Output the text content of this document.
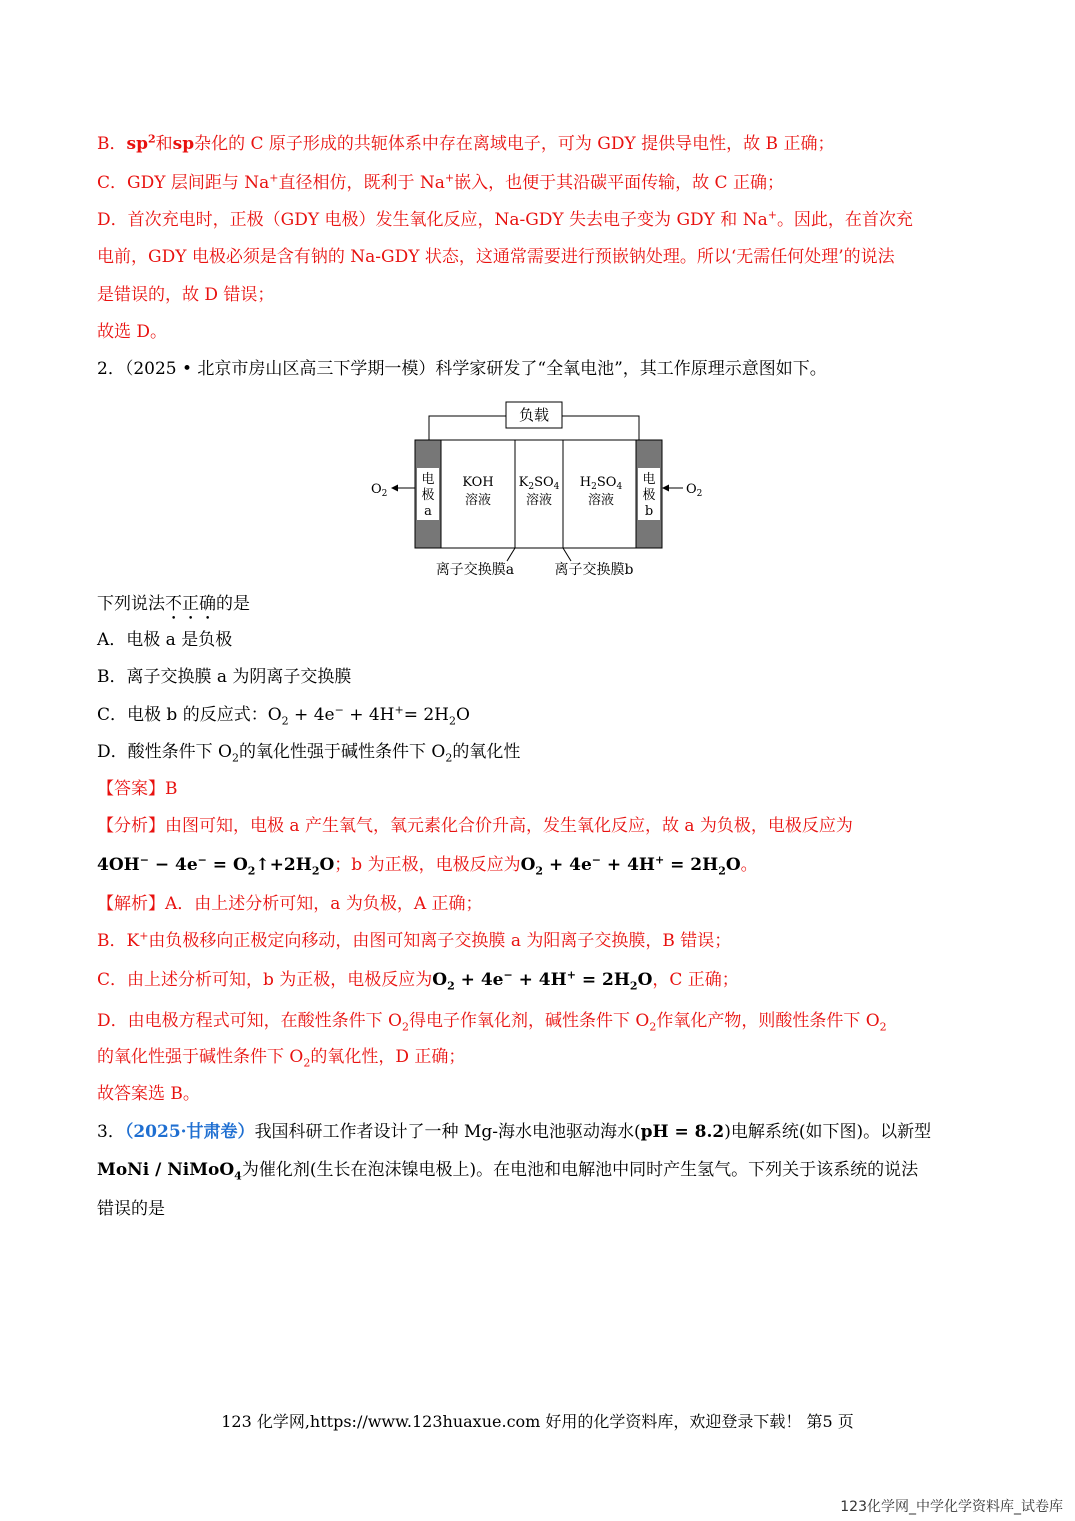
B．$sp^2$和sp杂化的 C 原子形成的共轭体系中存在离域电子，可为 GDY 提供导电性，故 B 正确；
C．GDY 层间距与 Na+直径相仿，既利于 Na+嵌入，也便于其沿碳平面传输，故 C 正确；
D．首次充电时，正极（GDY 电极）发生氧化反应，Na-GDY 失去电子变为 GDY 和 Na+。因此，在首次充
电前，GDY 电极必须是含有钠的 Na-GDY 状态，这通常需要进行预嵌钠处理。所以‘无需任何处理’的说法
是错误的，故 D 错误；
故选 D。
2．（2025 • 北京市房山区高三下学期一模）科学家研发了“全氧电池”，其工作原理示意图如下。
负载
电
极
a
电
极
b
KOH
溶液
$K_2SO_4$
溶液
$H_2SO_4$
溶液
$O_2$	$O_2$
离子交换膜a	离子交换膜b
下列说法不正确的是
A．电极 a 是负极
B．离子交换膜 a 为阴离子交换膜
C．电极 b 的反应式：$O_2 + 4e^- + 4H^+= 2H_2O$
D．酸性条件下 $O_2$的氧化性强于碱性条件下 $O_2$的氧化性
【答案】B
【分析】由图可知，电极 a 产生氧气，氧元素化合价升高，发生氧化反应，故 a 为负极，电极反应为
$4OH^- - 4e^- = O_2↑+2H_2O$；b 为正极，电极反应为$O_2 + 4e^- + 4H^+ = 2H_2O$。
【解析】A．由上述分析可知，a 为负极，A 正确；
B．K+由负极移向正极定向移动，由图可知离子交换膜 a 为阳离子交换膜，B 错误；
C．由上述分析可知，b 为正极，电极反应为$O_2 + 4e^- + 4H^+ = 2H_2O$，C 正确；
D．由电极方程式可知，在酸性条件下 $O_2$得电子作氧化剂，碱性条件下 $O_2$作氧化产物，则酸性条件下 $O_2$
的氧化性强于碱性条件下 $O_2$的氧化性，D 正确；
故答案选 B。
3．（2025·甘肃卷）我国科研工作者设计了一种 Mg-海水电池驱动海水(pH = 8.2)电解系统(如下图)。以新型
MoNi / NiMoO$_4$为催化剂(生长在泡沫镍电极上)。在电池和电解池中同时产生氢气。下列关于该系统的说法
错误的是
123 化学网,https://www.123huaxue.com 好用的化学资料库，欢迎登录下载！ 第5 页
123化学网_中学化学资料库_试卷库
